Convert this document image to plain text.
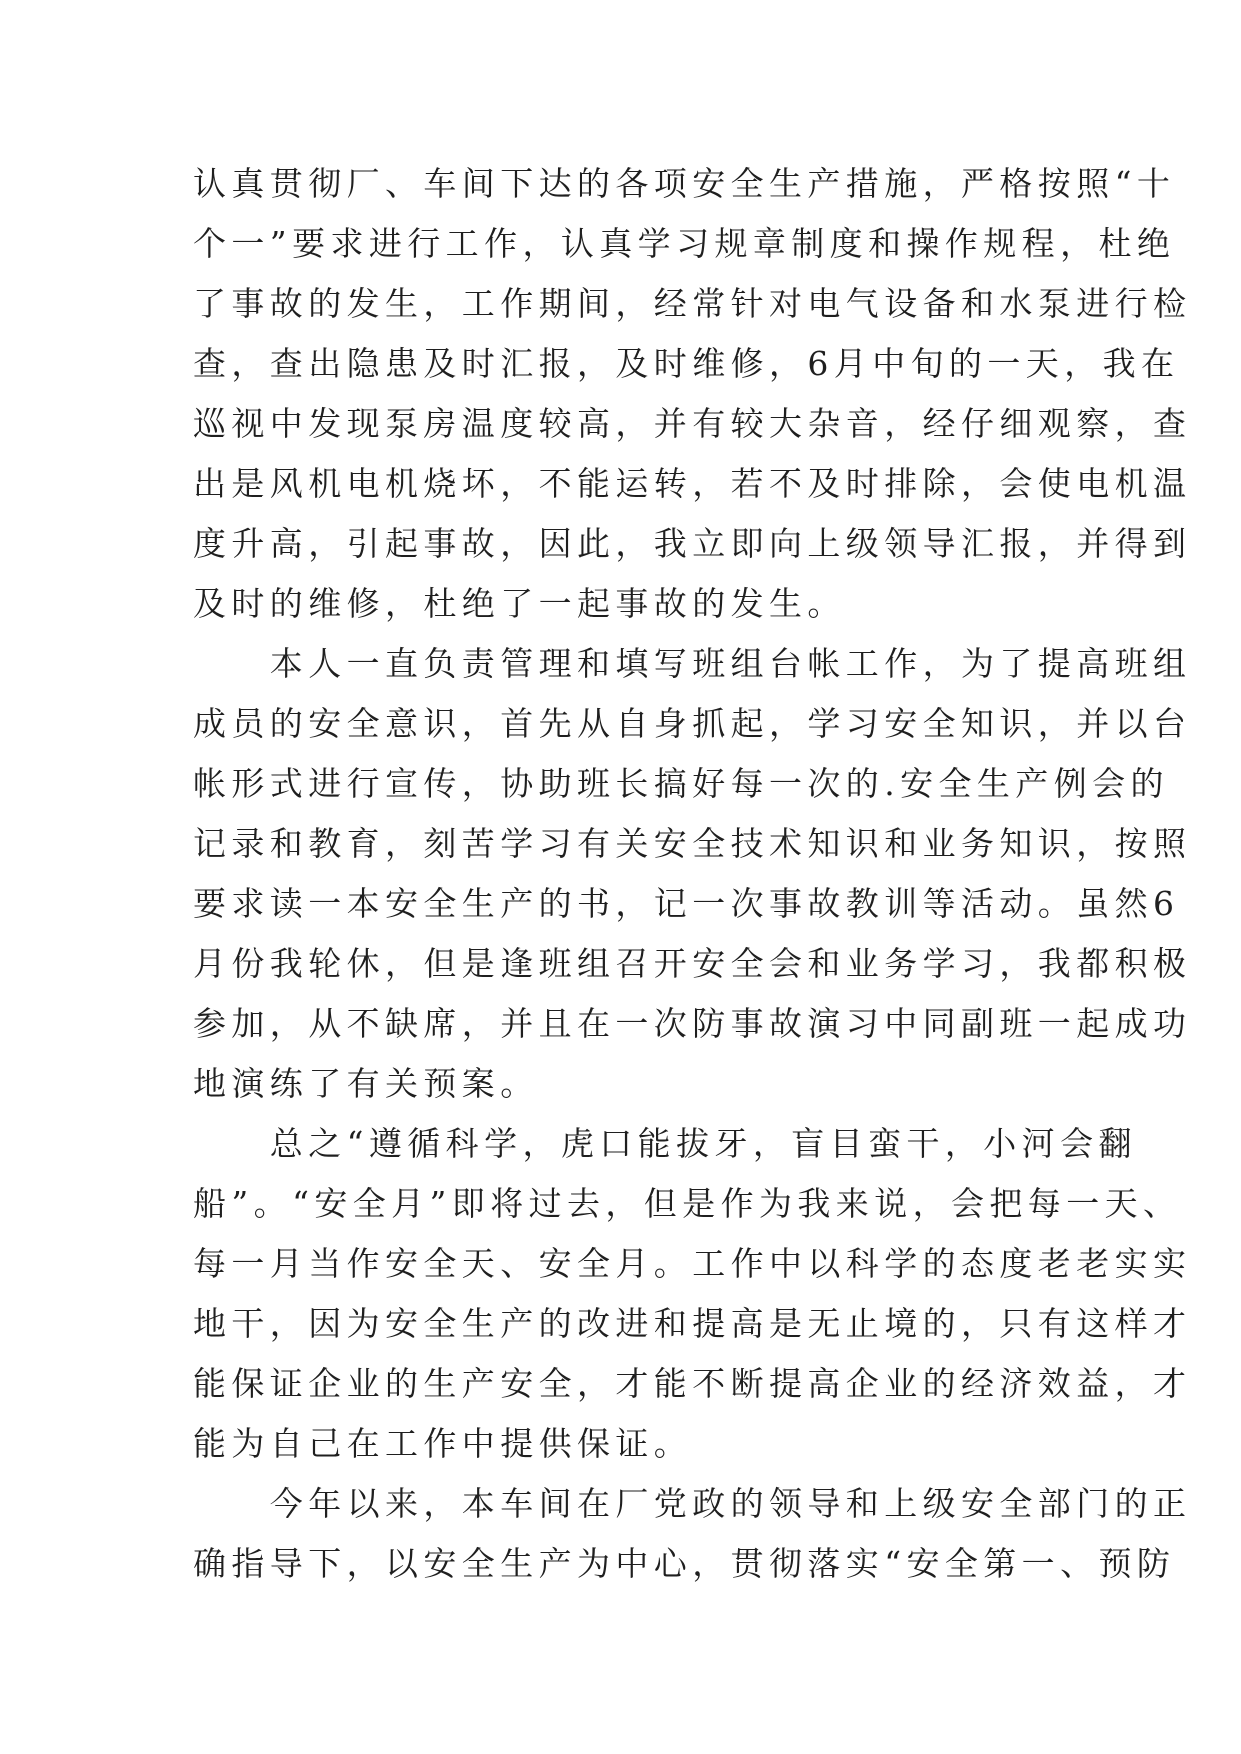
认真贯彻厂、车间下达的各项安全生产措施，严格按照“十
个一”要求进行工作，认真学习规章制度和操作规程，杜绝
了事故的发生，工作期间，经常针对电气设备和水泵进行检
查，查出隐患及时汇报，及时维修，6月中旬的一天，我在
巡视中发现泵房温度较高，并有较大杂音，经仔细观察，查
出是风机电机烧坏，不能运转，若不及时排除，会使电机温
度升高，引起事故，因此，我立即向上级领导汇报，并得到
及时的维修，杜绝了一起事故的发生。
　　本人一直负责管理和填写班组台帐工作，为了提高班组
成员的安全意识，首先从自身抓起，学习安全知识，并以台
帐形式进行宣传，协助班长搞好每一次的.安全生产例会的
记录和教育，刻苦学习有关安全技术知识和业务知识，按照
要求读一本安全生产的书，记一次事故教训等活动。虽然6
月份我轮休，但是逢班组召开安全会和业务学习，我都积极
参加，从不缺席，并且在一次防事故演习中同副班一起成功
地演练了有关预案。
　　总之“遵循科学，虎口能拔牙，盲目蛮干，小河会翻
船”。“安全月”即将过去，但是作为我来说，会把每一天、
每一月当作安全天、安全月。工作中以科学的态度老老实实
地干，因为安全生产的改进和提高是无止境的，只有这样才
能保证企业的生产安全，才能不断提高企业的经济效益，才
能为自己在工作中提供保证。
　　今年以来，本车间在厂党政的领导和上级安全部门的正
确指导下，以安全生产为中心，贯彻落实“安全第一、预防
